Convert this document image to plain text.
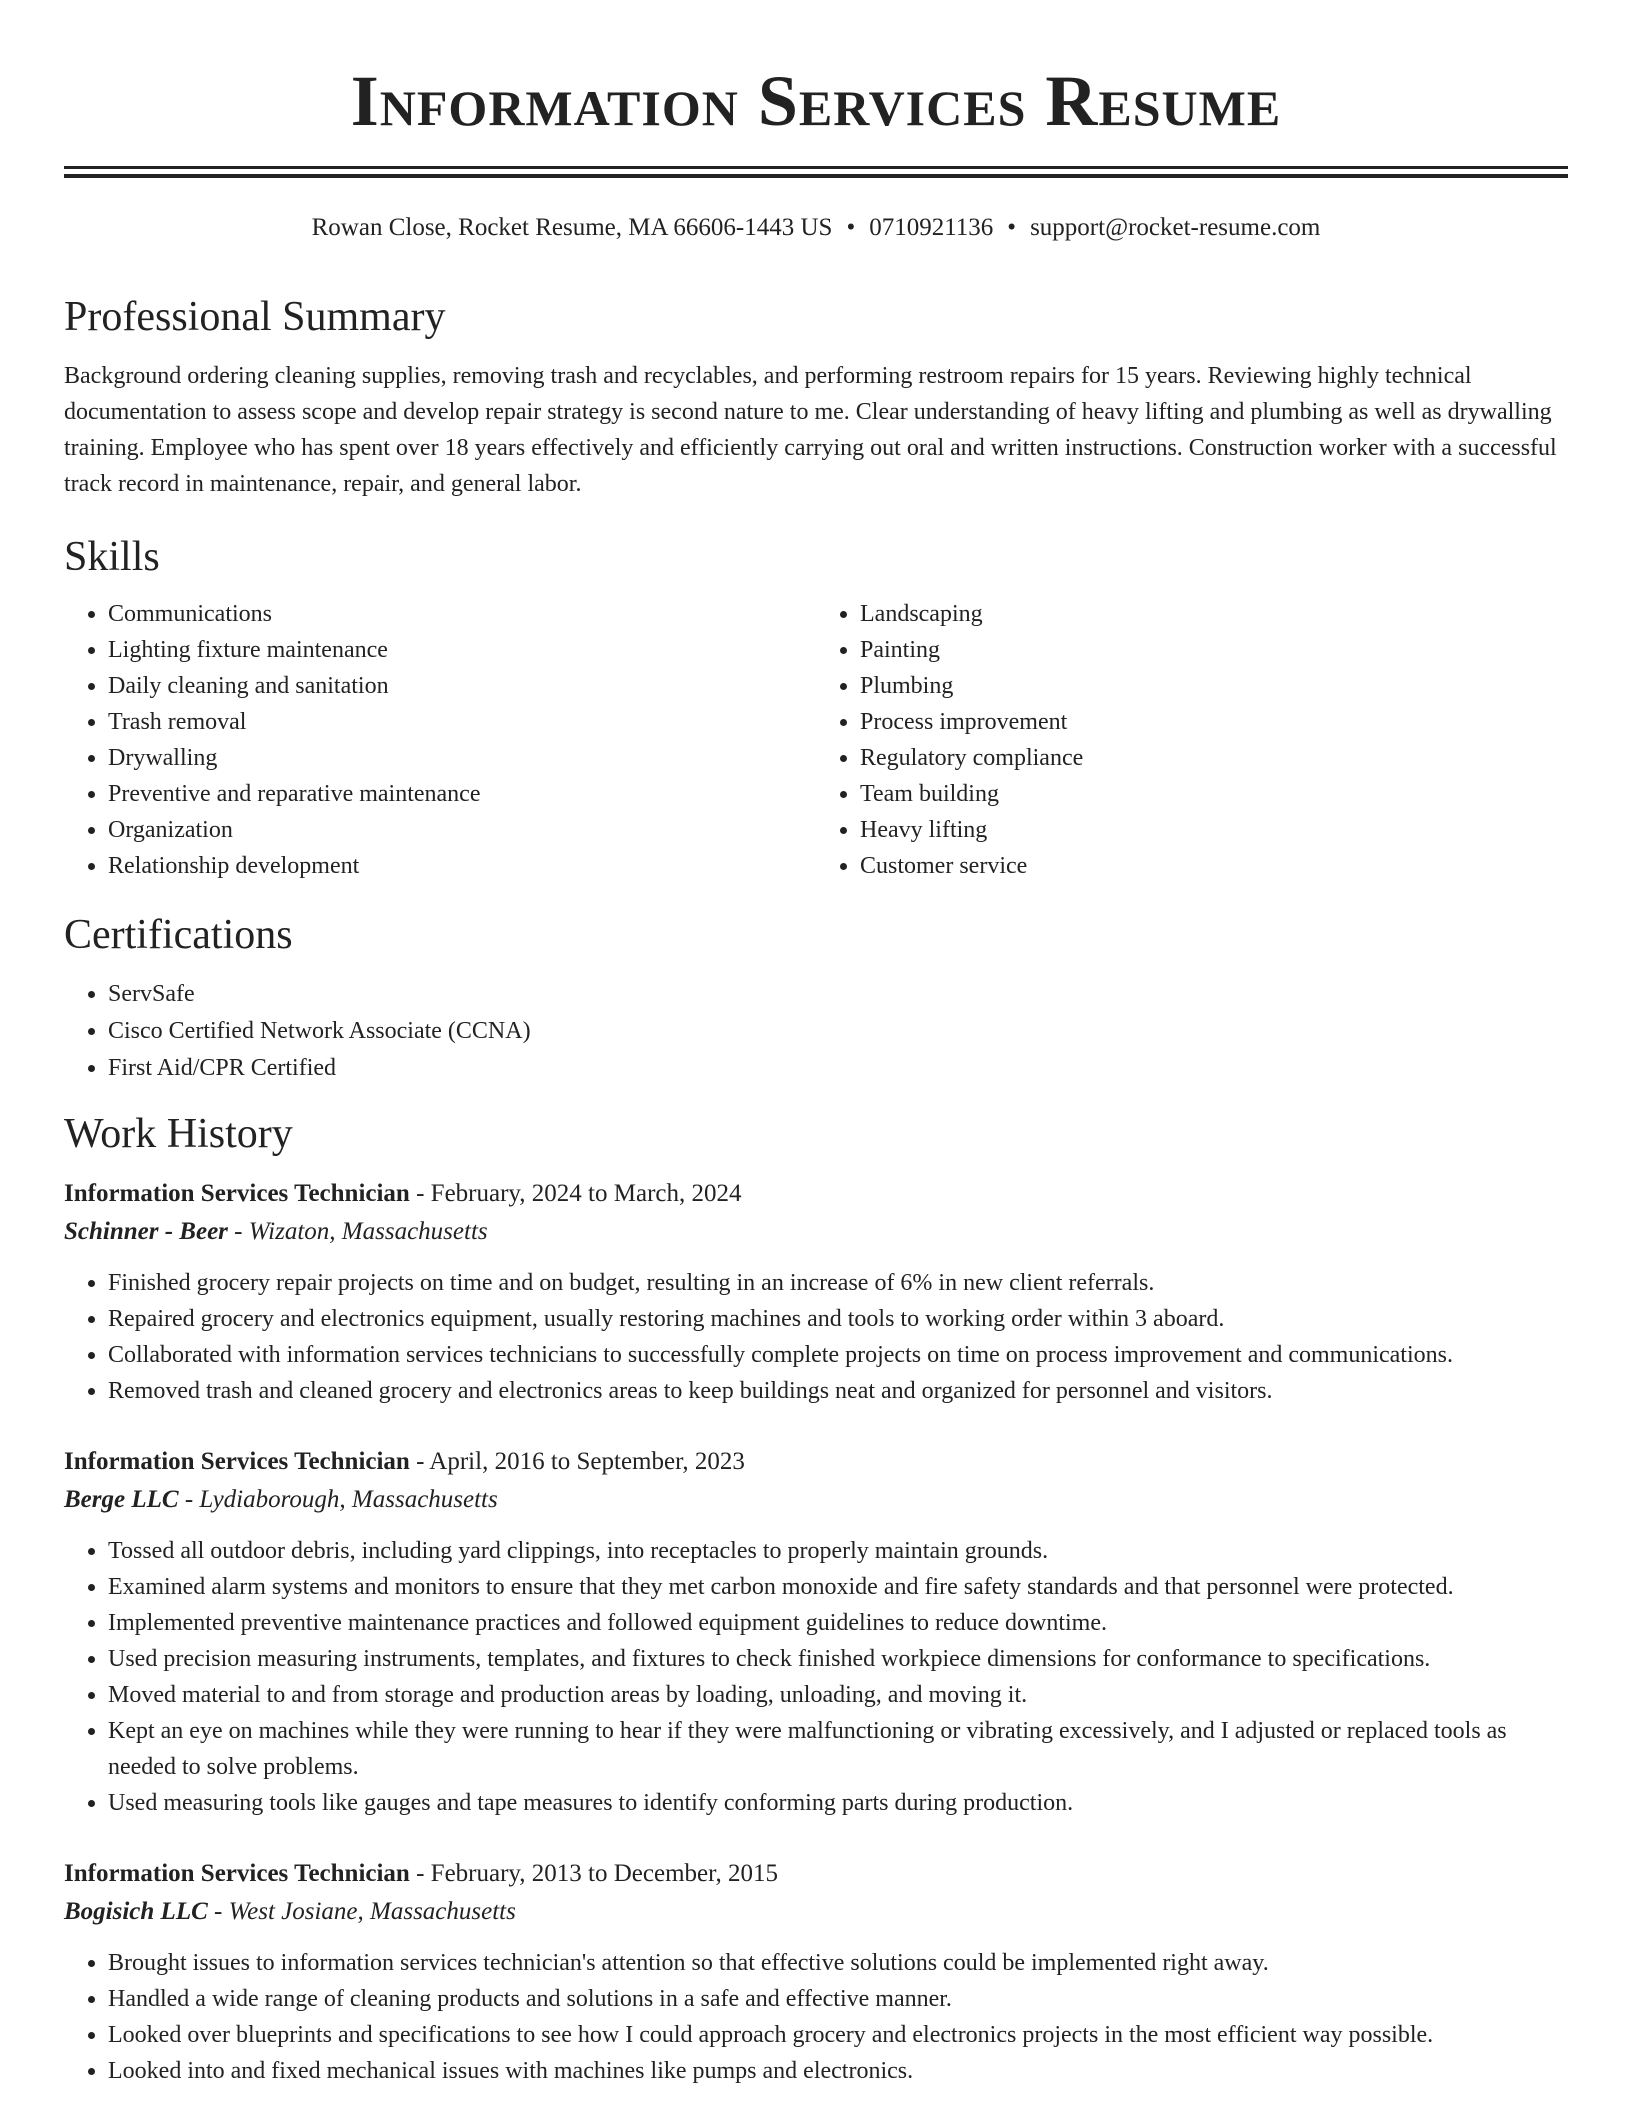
Information Services Resume
Rowan Close, Rocket Resume, MA 66606-1443 US • 0710921136 • support@rocket-resume.com
Professional Summary

Background ordering cleaning supplies, removing trash and recyclables, and performing restroom repairs for 15 years. Reviewing highly technical documentation to assess scope and develop repair strategy is second nature to me. Clear understanding of heavy lifting and plumbing as well as drywalling training. Employee who has spent over 18 years effectively and efficiently carrying out oral and written instructions. Construction worker with a successful track record in maintenance, repair, and general labor.

Skills
• Communications
• Lighting fixture maintenance
• Daily cleaning and sanitation
• Trash removal
• Drywalling
• Preventive and reparative maintenance
• Organization
• Relationship development
• Landscaping
• Painting
• Plumbing
• Process improvement
• Regulatory compliance
• Team building
• Heavy lifting
• Customer service
Certifications
• ServSafe
• Cisco Certified Network Associate (CCNA)
• First Aid/CPR Certified
Work History
Information Services Technician - February, 2024 to March, 2024
Schinner - Beer - Wizaton, Massachusetts
• Finished grocery repair projects on time and on budget, resulting in an increase of 6% in new client referrals.
• Repaired grocery and electronics equipment, usually restoring machines and tools to working order within 3 aboard.
• Collaborated with information services technicians to successfully complete projects on time on process improvement and communications.
• Removed trash and cleaned grocery and electronics areas to keep buildings neat and organized for personnel and visitors.
Information Services Technician - April, 2016 to September, 2023
Berge LLC - Lydiaborough, Massachusetts
• Tossed all outdoor debris, including yard clippings, into receptacles to properly maintain grounds.
• Examined alarm systems and monitors to ensure that they met carbon monoxide and fire safety standards and that personnel were protected.
• Implemented preventive maintenance practices and followed equipment guidelines to reduce downtime.
• Used precision measuring instruments, templates, and fixtures to check finished workpiece dimensions for conformance to specifications.
• Moved material to and from storage and production areas by loading, unloading, and moving it.
• Kept an eye on machines while they were running to hear if they were malfunctioning or vibrating excessively, and I adjusted or replaced tools as needed to solve problems.
• Used measuring tools like gauges and tape measures to identify conforming parts during production.
Information Services Technician - February, 2013 to December, 2015
Bogisich LLC - West Josiane, Massachusetts
• Brought issues to information services technician's attention so that effective solutions could be implemented right away.
• Handled a wide range of cleaning products and solutions in a safe and effective manner.
• Looked over blueprints and specifications to see how I could approach grocery and electronics projects in the most efficient way possible.
• Looked into and fixed mechanical issues with machines like pumps and electronics.
